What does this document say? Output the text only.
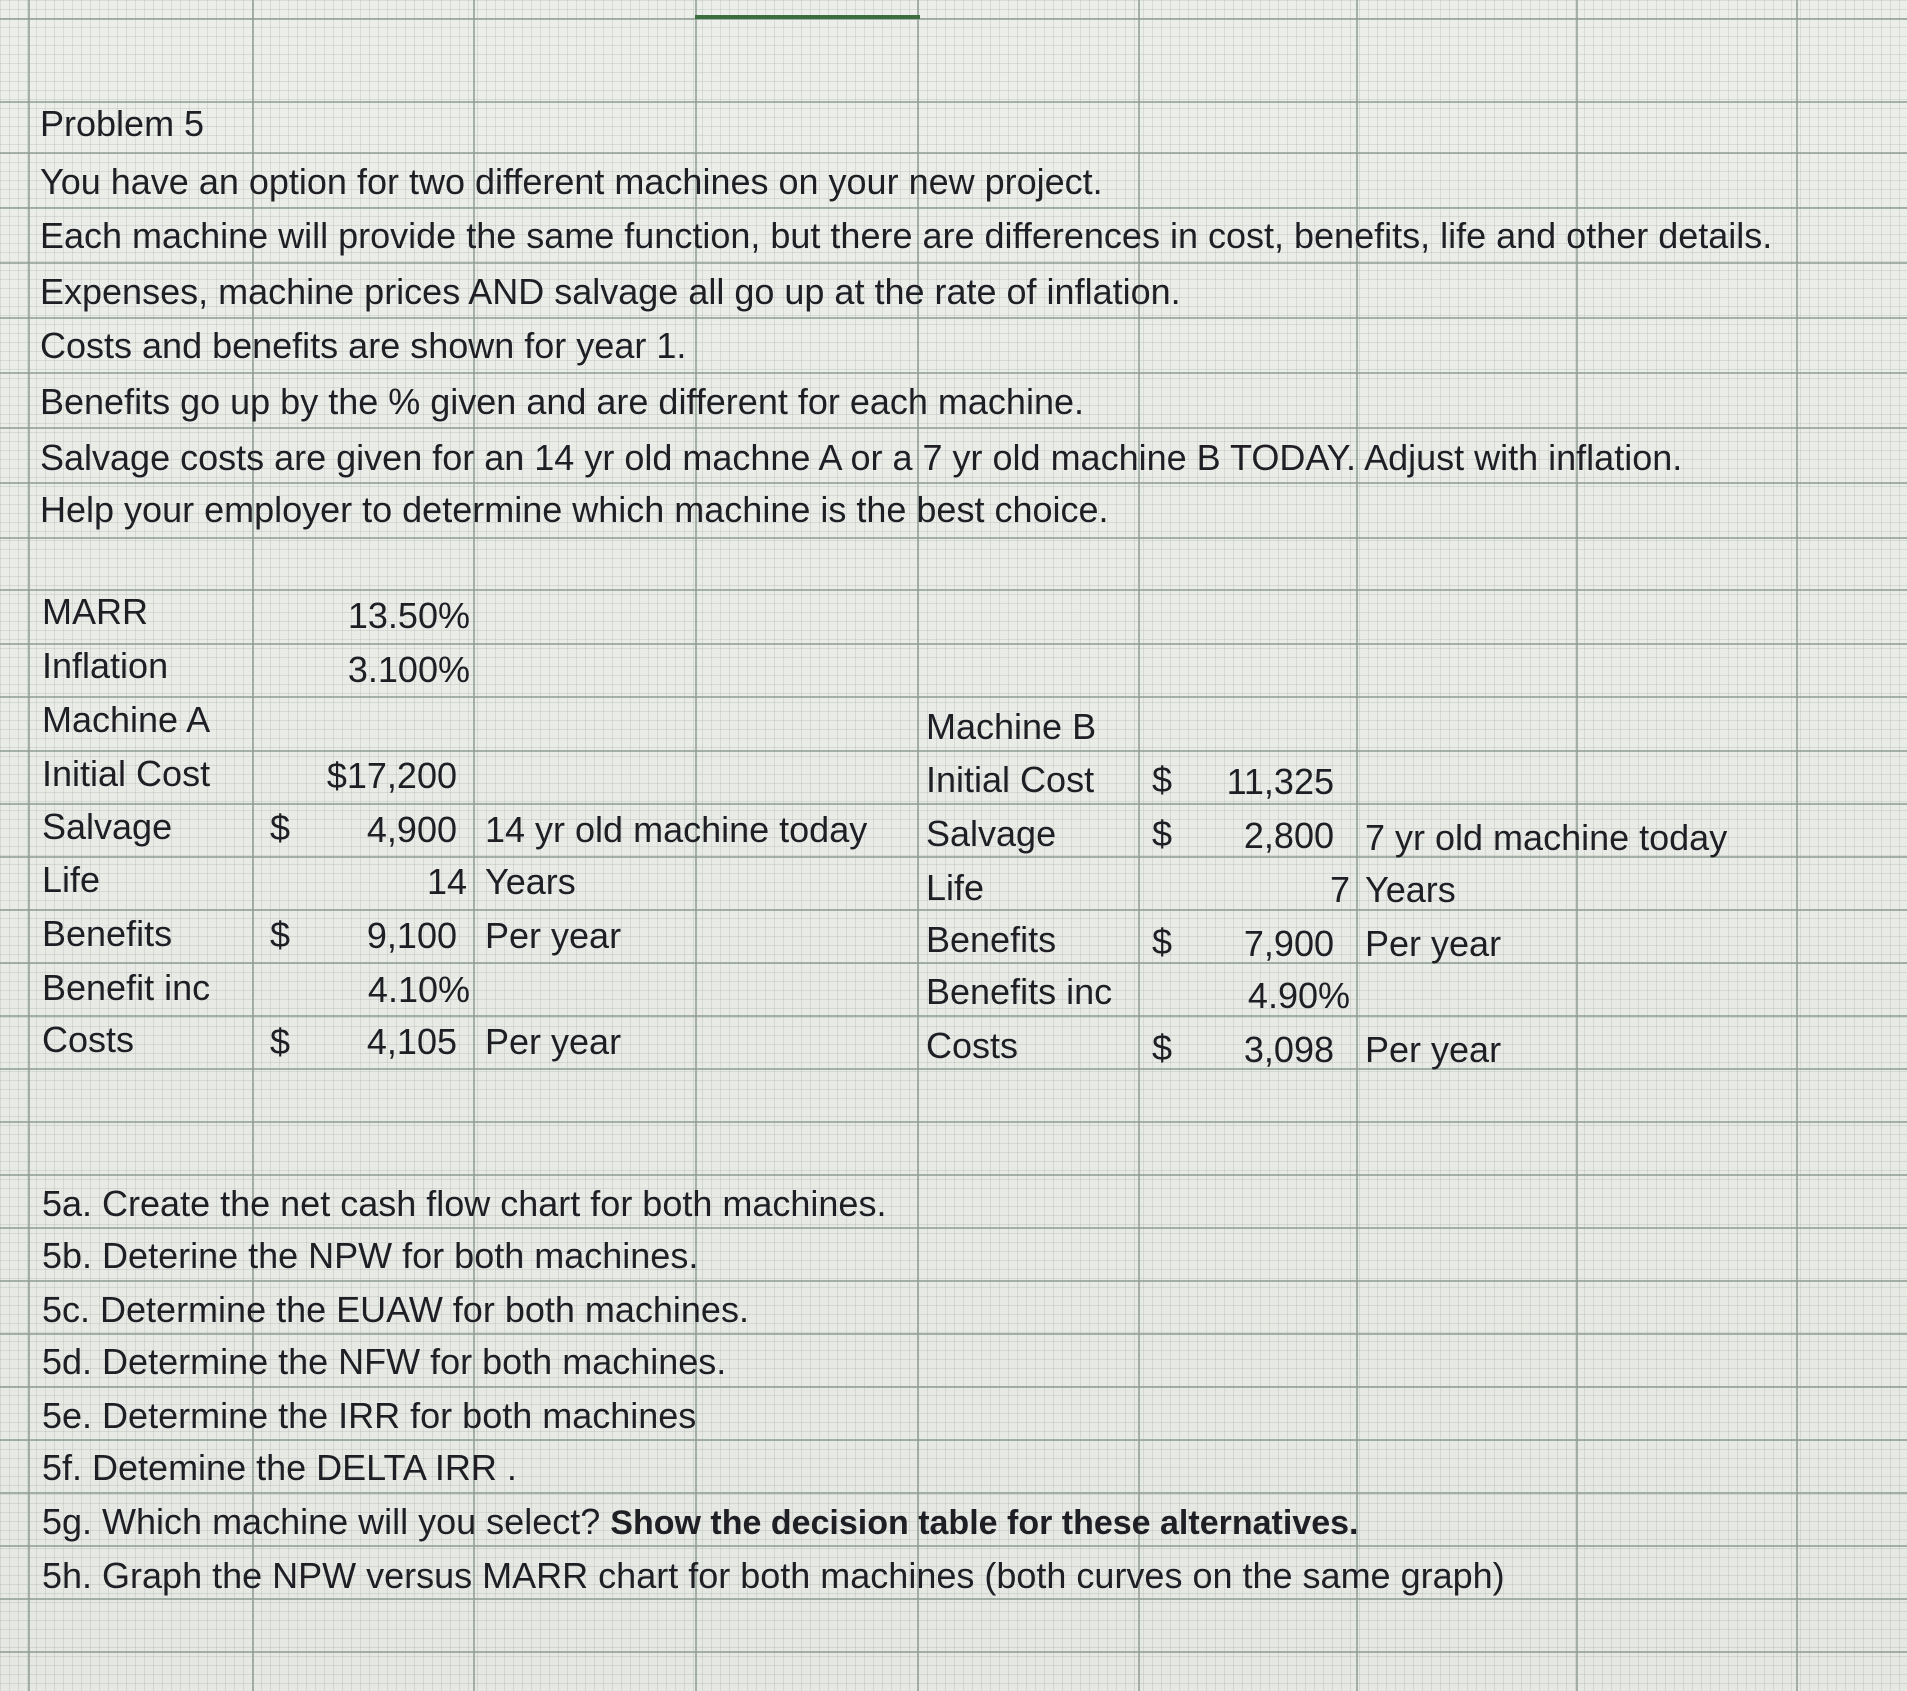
Problem 5
You have an option for two different machines on your new project.
Each machine will provide the same function, but there are differences in cost, benefits, life and other details.
Expenses, machine prices AND salvage all go up at the rate of inflation.
Costs and benefits are shown for year 1.
Benefits go up by the % given and are different for each machine.
Salvage costs are given for an 14 yr old machne A or a 7 yr old machine B TODAY. Adjust with inflation.
Help your employer to determine which machine is the best choice.
MARR	13.50%
Inflation	3.100%
Machine A
Initial Cost	$17,200
Salvage	$	4,900 14 yr old machine today
Life	14 Years
Benefits	$	9,100 Per year
Benefit inc	4.10%
Costs	$	4,105 Per year
Machine B
Initial Cost $	11,325
Salvage	$	2,800 7 yr old machine today
Life	7 Years
Benefits	$	7,900 Per year
Benefits inc	4.90%
Costs	$	3,098 Per year
5a. Create the net cash flow chart for both machines.
5b. Deterine the NPW for both machines.
5c. Determine the EUAW for both machines.
5d. Determine the NFW for both machines.
5e. Determine the IRR for both machines
5f. Detemine the DELTA IRR .
5g. Which machine will you select? Show the decision table for these alternatives.
5h. Graph the NPW versus MARR chart for both machines (both curves on the same graph)
